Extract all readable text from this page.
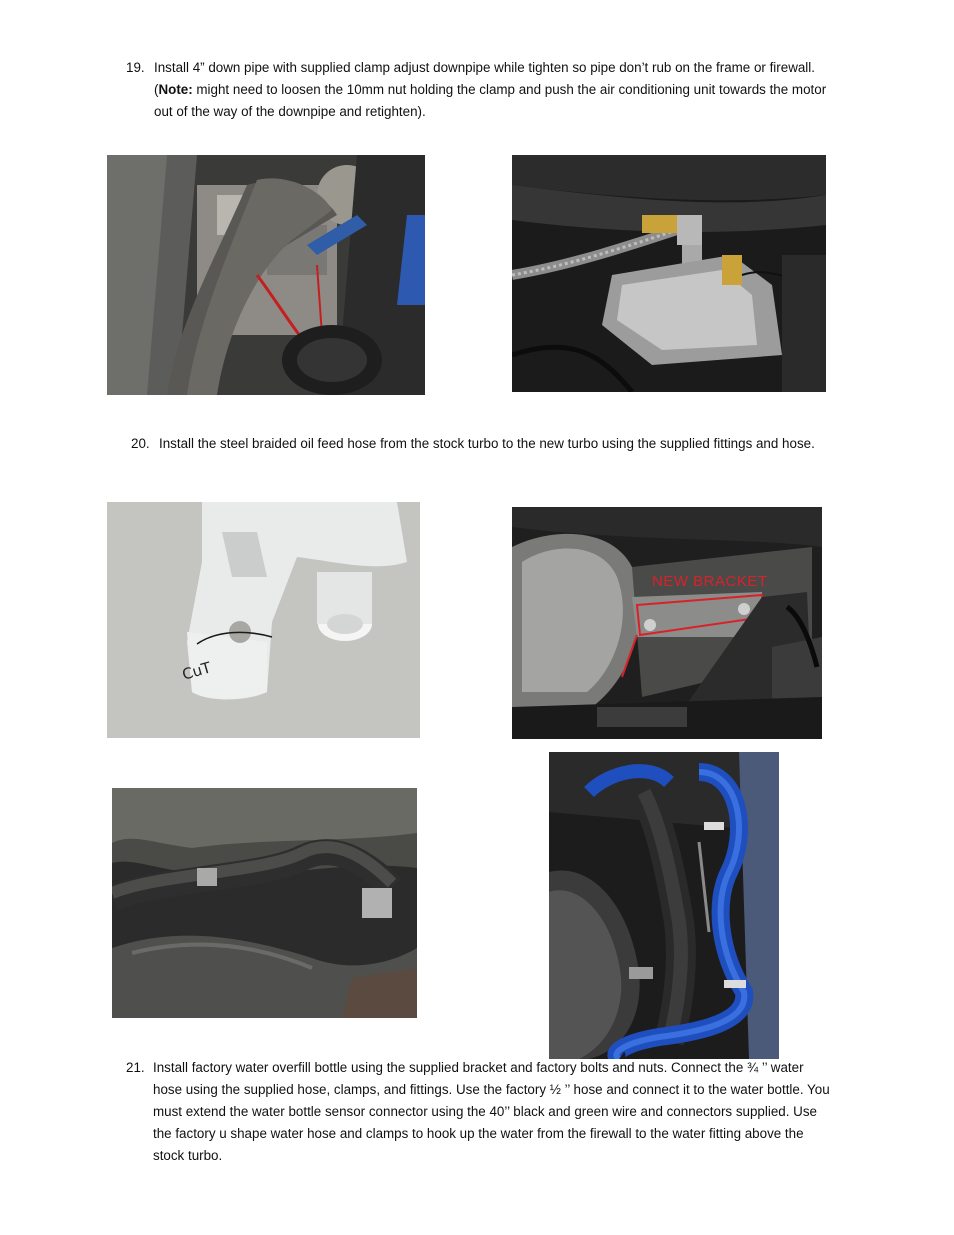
19. Install 4” down pipe with supplied clamp adjust downpipe while tighten so pipe don’t rub on the frame or firewall.(Note: might need to loosen the 10mm nut holding the clamp and push the air conditioning unit towards the motor out of the way of the downpipe and retighten).
20. Install the steel braided oil feed hose from the stock turbo to the new turbo using the supplied fittings and hose.
CuT
NEW BRACKET
21. Install factory water overfill bottle using the supplied bracket and factory bolts and nuts. Connect the ¾ ’’ water hose using the supplied hose, clamps, and fittings. Use the factory ½ ’’ hose and connect it to the water bottle. You must extend the water bottle sensor connector using the 40’’ black and green wire and connectors supplied. Use the factory u shape water hose and clamps to hook up the water from the firewall to the water fitting above the stock turbo.
